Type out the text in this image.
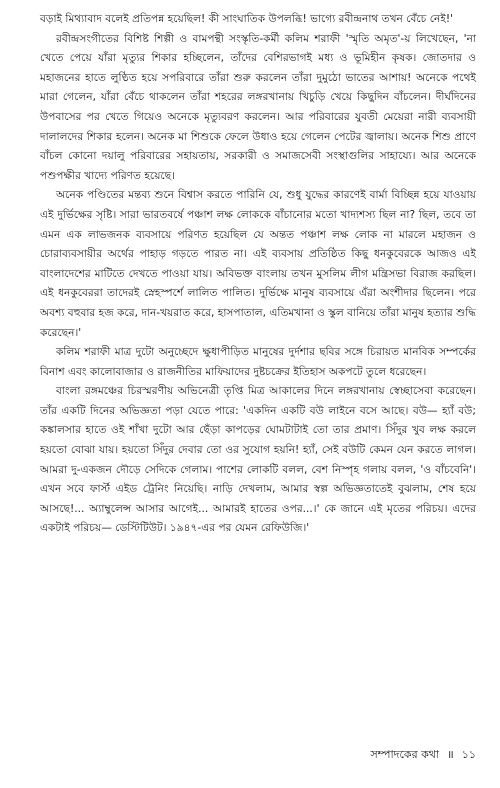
বড়াই মিথ্যাবাদ বলেই প্রতিপন্ন হয়েছিল! কী সাংঘাতিক উপলব্ধি! ভাগ্যে রবীন্দ্রনাথ তখন বেঁচে নেই!'

রবীন্দ্রসংগীতের বিশিষ্ট শিল্পী ও বামপন্থী সংস্কৃতি-কর্মী কলিম শরাফী 'স্মৃতি অমৃত'-য় লিখেছেন, 'না খেতে পেয়ে যাঁরা মৃত্যুর শিকার হচ্ছিলেন, তাঁদের বেশিরভাগই মধ্য ও ভূমিহীন কৃষক। জোতদার ও মহাজনের হাতে লুণ্ঠিত হয়ে সপরিবারে তাঁরা শুরু করলেন তাঁরা দুমুঠো ভাতের আশায়! অনেকে পথেই মারা গেলেন, যাঁরা বেঁচে থাকলেন তাঁরা শহরের লঙ্গরখানায় খিচুড়ি খেয়ে কিছুদিন বাঁচলেন। দীর্ঘদিনের উপবাসের পর খেতে গিয়েও অনেকে মৃত্যুবরণ করলেন। আর পরিবারের যুবতী মেয়েরা নারী ব্যবসায়ী দালালদের শিকার হলেন। অনেক মা শিশুকে ফেলে উধাও হয়ে গেলেন পেটের জ্বালায়। অনেক শিশু প্রাণে বাঁচল কোনো দয়ালু পরিবারের সহায়তায়, সরকারী ও সমাজসেবী সংস্থাগুলির সাহায্যে। আর অনেকে পশুপক্ষীর খাদ্যে পরিণত হয়েছে।

অনেক পণ্ডিতের মন্তব্য শুনে বিশ্বাস করতে পারিনি যে, শুধু যুদ্ধের কারণেই বার্মা বিচ্ছিন্ন হয়ে যাওয়ায় এই দুর্ভিক্ষের সৃষ্টি। সারা ভারতবর্ষে পঞ্চাশ লক্ষ লোককে বাঁচানোর মতো খাদ্যশস্য ছিল না? ছিল, তবে তা এমন এক লাভজনক ব্যবসায়ে পরিণত হয়েছিল যে অন্তত পঞ্চাশ লক্ষ লোক না মারলে মহাজন ও চোরাব্যবসায়ীর অর্থের পাহাড় গড়তে পারত না। এই ব্যবসায় প্রতিষ্ঠিত কিছু ধনকুবেরকে আজও এই বাংলাদেশের মাটিতে দেখতে পাওয়া যায়। অবিভক্ত বাংলায় তখন মুসলিম লীগ মন্ত্রিসভা বিরাজ করছিল। এই ধনকুবেররা তাদেরই স্নেহস্পর্শে লালিত পালিত। দুর্ভিক্ষে মানুষ ব্যবসায়ে এঁরা অংশীদার ছিলেন। পরে অবশ্য বহুবার হজ করে, দান-খয়রাত করে, হাসপাতাল, এতিমখানা ও স্কুল বানিয়ে তাঁরা মানুষ হত্যার শুদ্ধি করেছেন।'

কলিম শরাফী মাত্র দুটো অনুচ্ছেদে ক্ষুধাপীড়িত মানুষের দুর্দশার ছবির সঙ্গে চিরায়ত মানবিক সম্পর্কের বিনাশ এবং কালোবাজার ও রাজনীতির মাফিয়াদের দুষ্টচক্রের ইতিহাস অকপটে তুলে ধরেছেন।

বাংলা রঙ্গমঞ্চের চিরস্মরণীয় অভিনেত্রী তৃপ্তি মিত্র আকালের দিনে লঙ্গরখানায় স্বেচ্ছাসেবা করেছেন। তাঁর একটি দিনের অভিজ্ঞতা পড়া যেতে পারে: 'একদিন একটি বউ লাইনে বসে আছে। বউ— হ্যাঁ বউ; কঙ্কালসার হাতে ওই শাঁখা দুটো আর ছেঁড়া কাপড়ের ঘোমটাটাই তো তার প্রমাণ। সিঁদুর খুব লক্ষ করলে হয়তো বোঝা যায়। হয়তো সিঁদুর দেবার তো ওর সুযোগ হয়নি! হ্যাঁ, সেই বউটি কেমন যেন করতে লাগল। আমরা দু-একজন দৌড়ে সেদিকে গেলাম। পাশের লোকটি বলল, বেশ নিস্পৃহ গলায় বলল, 'ও বাঁচবেনি'। এখন সবে ফার্স্ট এইড ট্রেনিং নিয়েছি। নাড়ি দেখলাম, আমার স্বল্প অভিজ্ঞতাতেই বুঝলাম, শেষ হয়ে আসছে!... অ্যাম্বুলেন্স আসার আগেই... আমারই হাতের ওপর...।' কে জানে এই মৃতের পরিচয়। এদের একটাই পরিচয়— ডেস্টিটিউট। ১৯৪৭-এর পর যেমন রেফিউজি।'

সম্পাদকের কথা ॥ ১১
